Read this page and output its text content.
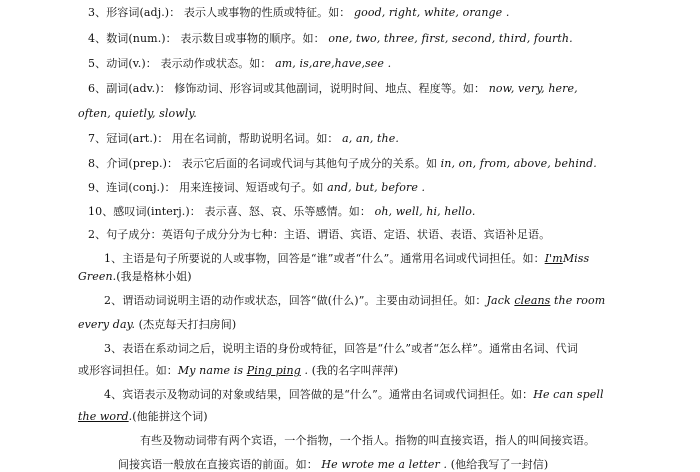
3、形容词(adj.)： 表示人或事物的性质或特征。如： good, right, white, orange .
4、数词(num.)： 表示数目或事物的顺序。如： one, two, three, first, second, third, fourth.
5、动词(v.)： 表示动作或状态。如： am, is,are,have,see .
6、副词(adv.)： 修饰动词、形容词或其他副词，说明时间、地点、程度等。如： now, very, here,
often, quietly, slowly.
7、冠词(art.)： 用在名词前，帮助说明名词。如： a, an, the.
8、介词(prep.)： 表示它后面的名词或代词与其他句子成分的关系。如 in, on, from, above, behind.
9、连词(conj.)： 用来连接词、短语或句子。如 and, but, before .
10、感叹词(interj.)： 表示喜、怒、哀、乐等感情。如： oh, well, hi, hello.
2、句子成分：英语句子成分分为七种：主语、谓语、宾语、定语、状语、表语、宾语补足语。
1、主语是句子所要说的人或事物，回答是“谁”或者“什么”。通常用名词或代词担任。如：I'mMiss
Green.(我是格林小姐)
2、谓语动词说明主语的动作或状态，回答“做(什么)”。主要由动词担任。如：Jack cleans the room
every day. (杰克每天打扫房间)
3、表语在系动词之后，说明主语的身份或特征，回答是“什么”或者“怎么样”。通常由名词、代词
或形容词担任。如：My name is Ping ping . (我的名字叫萍萍)
4、宾语表示及物动词的对象或结果，回答做的是“什么”。通常由名词或代词担任。如：He can spell
the word.(他能拼这个词)
有些及物动词带有两个宾语，一个指物，一个指人。指物的叫直接宾语，指人的叫间接宾语。
间接宾语一般放在直接宾语的前面。如： He wrote me a letter . (他给我写了一封信)
